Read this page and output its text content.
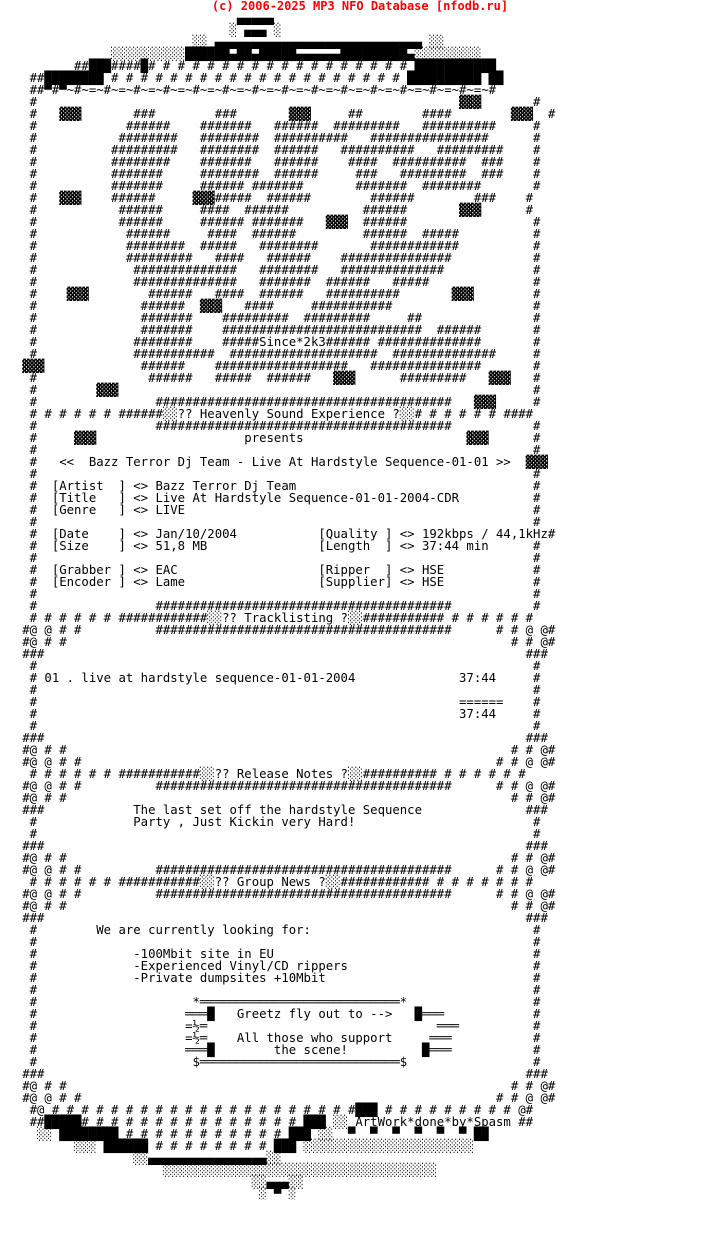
(c) 2006-2025 MP3 NFO Database [nfodb.ru]
▄▄▄▄▄
░ ▄▄▄ ░
░░ ▄▄▄▄▄▄▄▄▄▄▄▄▄▄▄▄▄▄▄▄▄▄▄▄▄▄▄▄ ░░
░░░░░░░░░░██████▄██▄█████▄▄▄▄▄▄█████████▄░░░░░░░░░
##███####█# # # # # # # # # # # # # # # # # # ███████████
##████████ # # # # # # # # # # # # # # # # # # # # ██████████ ██
##▀#▀~#~=~#~=~#~=~#~=~#~=~#~=~#~=~#~=~#~=~#~=~#~=~#~=~#~=~#~=~#
#                                                         ▓▓▓       #
#   ▓▓▓       ###        ###       ▓▓▓     ##        ####        ▓▓▓  #
#            ######    #######   ######  #########   ##########     #
#           ########   ########  ##########   ################      #
#          #########   ########  ######   ##########   #########    #
#          ########    #######   ######    ####  ##########  ###    #
#          #######     ########  ######     ###   #########  ###    #
#          #######     ###### #######       #######  ########       #
#   ▓▓▓    ######     ▓▓▓#####  ######        ######        ###    #
#           ######     ####  ######          ######       ▓▓▓      #
#           ######     ###### #######   ▓▓▓  ######                 #
#            ######     ####  ######         ######  #####          #
#            ########  #####   ########       ############          #
#            #########   ####   ######    ###############           #
#             ##############   ########   ##############            #
#             ##############   #######  ######   #####              #
#    ▓▓▓        ######   ####  ######   ##########       ▓▓▓        #
#              ######  ▓▓▓   ####     ###########                   #
#              #######    #########  #########     ##               #
#              #######    ###########################  ######       #
#             ########    #####Since*2k3###### ##############       #
#             ###########  ####################  ##############     #
▓▓▓             ######    ##################   ###############       #
#               ######   #####  ######   ▓▓▓      #########   ▓▓▓   #
#        ▓▓▓                                                        #
#                ########################################   ▓▓▓     #
# # # # # # ######░░?? Heavenly Sound Experience ?░░# # # # # # ####
#                ########################################           #
#     ▓▓▓                    presents                      ▓▓▓      #
#                                                                   #
#   <<  Bazz Terror Dj Team - Live At Hardstyle Sequence-01-01 >>  ▓▓▓
#                                                                   #
#  [Artist  ] <> Bazz Terror Dj Team                                #
#  [Title   ] <> Live At Hardstyle Sequence-01-01-2004-CDR          #
#  [Genre   ] <> LIVE                                               #
#                                                                   #
#  [Date    ] <> Jan/10/2004           [Quality ] <> 192kbps / 44,1kHz#
#  [Size    ] <> 51,8 MB               [Length  ] <> 37:44 min      #
#                                                                   #
#  [Grabber ] <> EAC                   [Ripper  ] <> HSE            #
#  [Encoder ] <> Lame                  [Supplier] <> HSE            #
#                                                                   #
#                ########################################           #
# # # # # # ############░░?? Tracklisting ?░░########### # # # # # #
#@ @ # #          ########################################      # # @ @#
#@ # #                                                            # # @#
###                                                                 ###
#                                                                   #
# 01 . live at hardstyle sequence-01-01-2004              37:44     #
#                                                                   #
#                                                         ======    #
#                                                         37:44     #
#                                                                   #
###                                                                 ###
#@ # #                                                            # # @#
#@ @ # #                                                        # # @ @#
# # # # # # ###########░░?? Release Notes ?░░########## # # # # # #
#@ @ # #          ########################################      # # @ @#
#@ # #                                                            # # @#
###            The last set off the hardstyle Sequence              ###
#             Party , Just Kickin very Hard!                        #
#                                                                   #
###                                                                 ###
#@ # #                                                            # # @#
#@ @ # #          ########################################      # # @ @#
# # # # # # ###########░░?? Group News ?░░############ # # # # # # #
#@ @ # #          ########################################      # # @ @#
#@ # #                                                            # # @#
###                                                                 ###
#        We are currently looking for:                              #
#                                                                   #
#             -100Mbit site in EU                                   #
#             -Experienced Vinyl/CD rippers                         #
#             -Private dumpsites +10Mbit                            #
#                                                                   #
#                     *═══════════════════════════*                 #
#                    ═══█   Greetz fly out to -->   █═══            #
#                    =½═                               ═══          #
#                    =½═    All those who support     ═══           #
#                    ═══█        the scene!          █═══           #
#                     $═══════════════════════════$                 #
###                                                                 ###
#@ # #                                                            # # @#
#@ @ # #                                                        # # @ @#
#@ # # # # # # # # # # # # # # # # # # # # #███ # # # # # # # # # @#
##█████# # # # # # # # # # # # # # # ███ ░░ ArtWork*done*by*Spasm ##
░░ ████████ # # # # # # # # # # # ███ ░░  ▀  ▀  ▀  ▀  ▀  ▀ ██
░░░ ██████ # # # # # # # # ███ ░░░░░░░░░░░░░░░░░░░░░░░
░░▄▄▄▄▄▄▄▄▄▄▄▄▄▄▄▄░░
░░░░░░░░░░░░░░░░░░░░░░░░░░░░░░░░░░░░░
░░▄▄▄░░
░ ▀ ░
